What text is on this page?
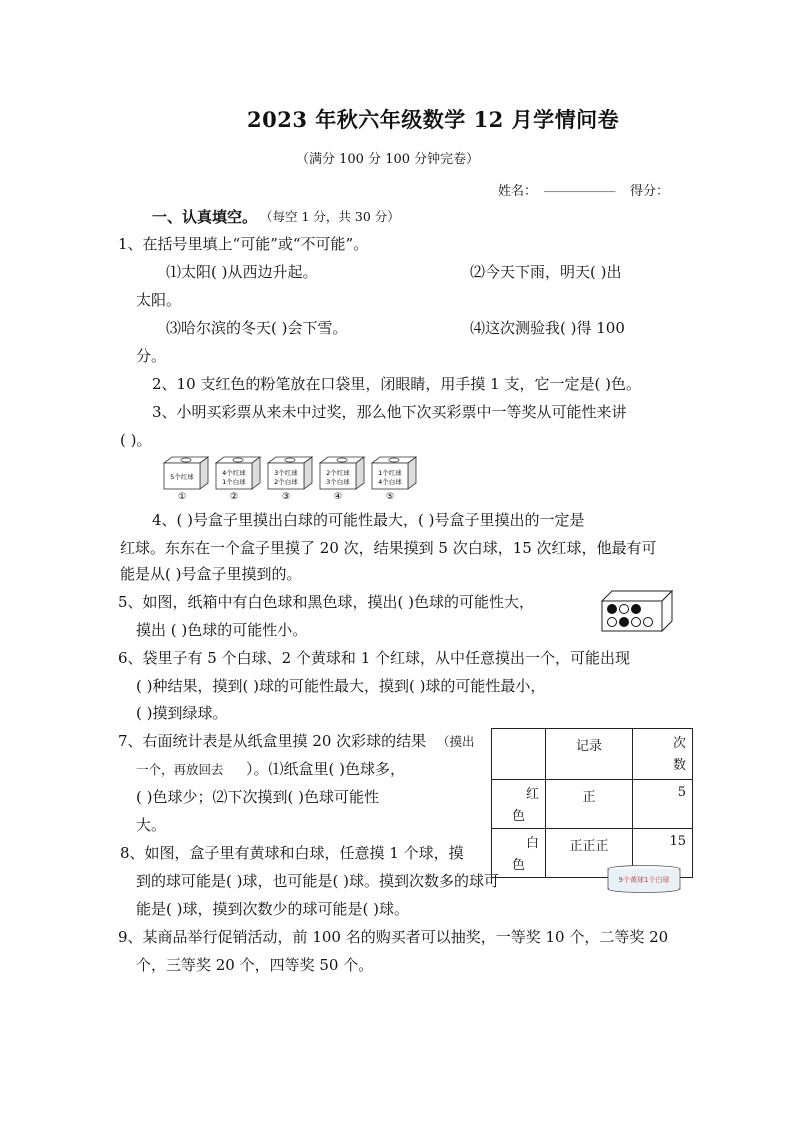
2023 年秋六年级数学 12 月学情问卷
（满分 100 分 100 分钟完卷）
姓名： ___________ 得分：
一、认真填空。 （每空 1 分，共 30 分）
1、在括号里填上“可能”或“不可能”。
⑴太阳( )从西边升起。	⑵今天下雨，明天( )出
太阳。
⑶哈尔滨的冬天( )会下雪。	⑷这次测验我( )得 100
分。
2、10 支红色的粉笔放在口袋里，闭眼睛，用手摸 1 支，它一定是( )色。
3、小明买彩票从来未中过奖，那么他下次买彩票中一等奖从可能性来讲
( )。
5个红球
①
4个红球
1个白球
②
3个红球
2个白球
③
2个红球
3个白球
④
1个红球
4个白球
⑤
4、( )号盒子里摸出白球的可能性最大，( )号盒子里摸出的一定是
红球。东东在一个盒子里摸了 20 次，结果摸到 5 次白球，15 次红球，他最有可
能是从( )号盒子里摸到的。
5、如图，纸箱中有白色球和黑色球，摸出( )色球的可能性大，
摸出 ( )色球的可能性小。
6、袋里子有 5 个白球、2 个黄球和 1 个红球，从中任意摸出一个，可能出现
( )种结果，摸到( )球的可能性最大，摸到( )球的可能性最小，
( )摸到绿球。
7、右面统计表是从纸盒里摸 20 次彩球的结果 （摸出
一个，再放回去 ）。⑴纸盒里( )色球多，
( )色球少；⑵下次摸到( )色球可能性
大。
	记录	次
数

红
色	正	5

白
色	正正正	15
8、如图，盒子里有黄球和白球，任意摸 1 个球，摸
到的球可能是( )球，也可能是( )球。摸到次数多的球可
能是( )球，摸到次数少的球可能是( )球。
9个黄球1个白球
9、某商品举行促销活动，前 100 名的购买者可以抽奖，一等奖 10 个，二等奖 20
个，三等奖 20 个，四等奖 50 个。
